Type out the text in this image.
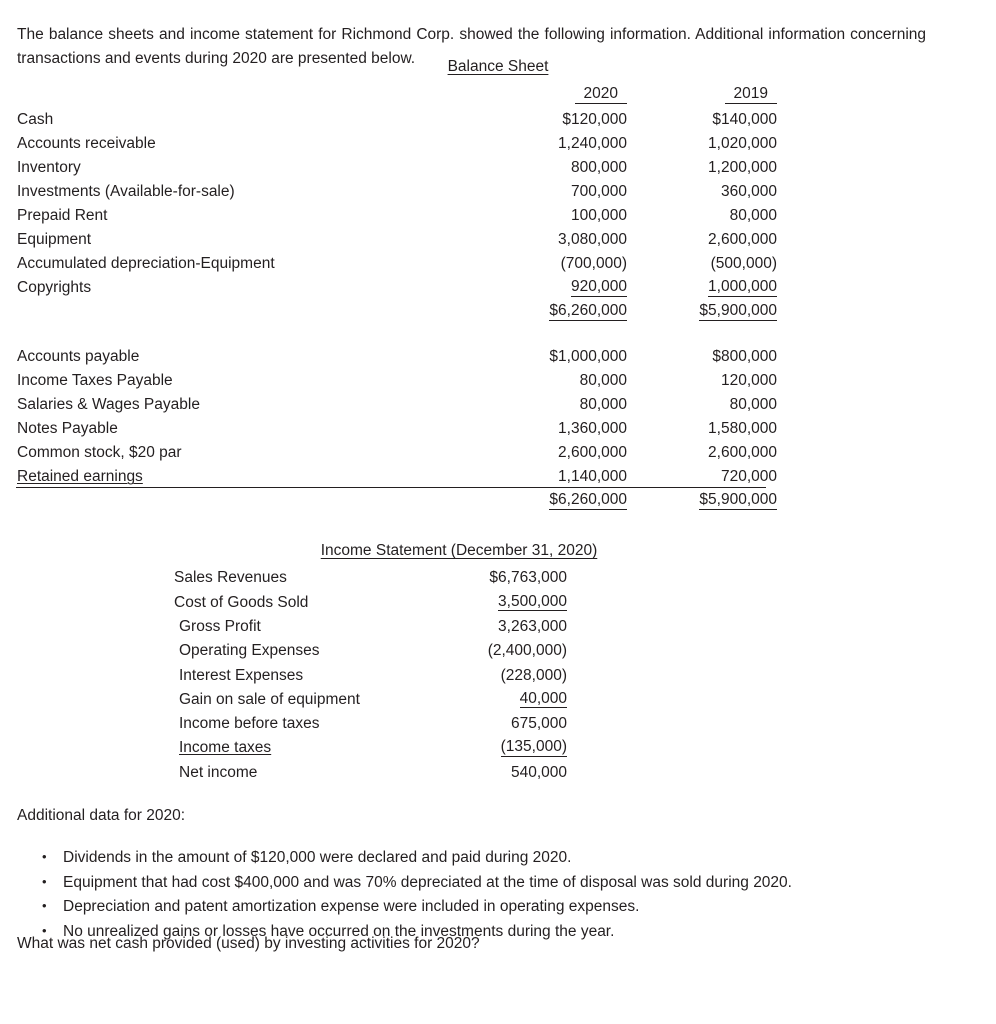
The balance sheets and income statement for Richmond Corp. showed the following information. Additional information concerning transactions and events during 2020 are presented below.	Balance Sheet
	2020	2019
Cash	$120,000	$140,000
Accounts receivable	1,240,000	1,020,000
Inventory	800,000	1,200,000
Investments (Available-for-sale)	700,000	360,000
Prepaid Rent	100,000	80,000
Equipment	3,080,000	2,600,000
Accumulated depreciation-Equipment	(700,000)	(500,000)
Copyrights	920,000	1,000,000
	$6,260,000	$5,900,000

Accounts payable	$1,000,000	$800,000
Income Taxes Payable	80,000	120,000
Salaries & Wages Payable	80,000	80,000
Notes Payable	1,360,000	1,580,000
Common stock, $20 par	2,600,000	2,600,000
Retained earnings	1,140,000	720,000
	$6,260,000	$5,900,000
Income Statement (December 31, 2020)
Sales Revenues	$6,763,000
Cost of Goods Sold	3,500,000
Gross Profit	3,263,000
Operating Expenses	(2,400,000)
Interest Expenses	(228,000)
Gain on sale of equipment	40,000
Income before taxes	675,000
Income taxes	(135,000)
Net income	540,000
Additional data for 2020:
• Dividends in the amount of $120,000 were declared and paid during 2020.
• Equipment that had cost $400,000 and was 70% depreciated at the time of disposal was sold during 2020.
• Depreciation and patent amortization expense were included in operating expenses.
• No unrealized gains or losses have occurred on the investments during the year.
What was net cash provided (used) by investing activities for 2020?
